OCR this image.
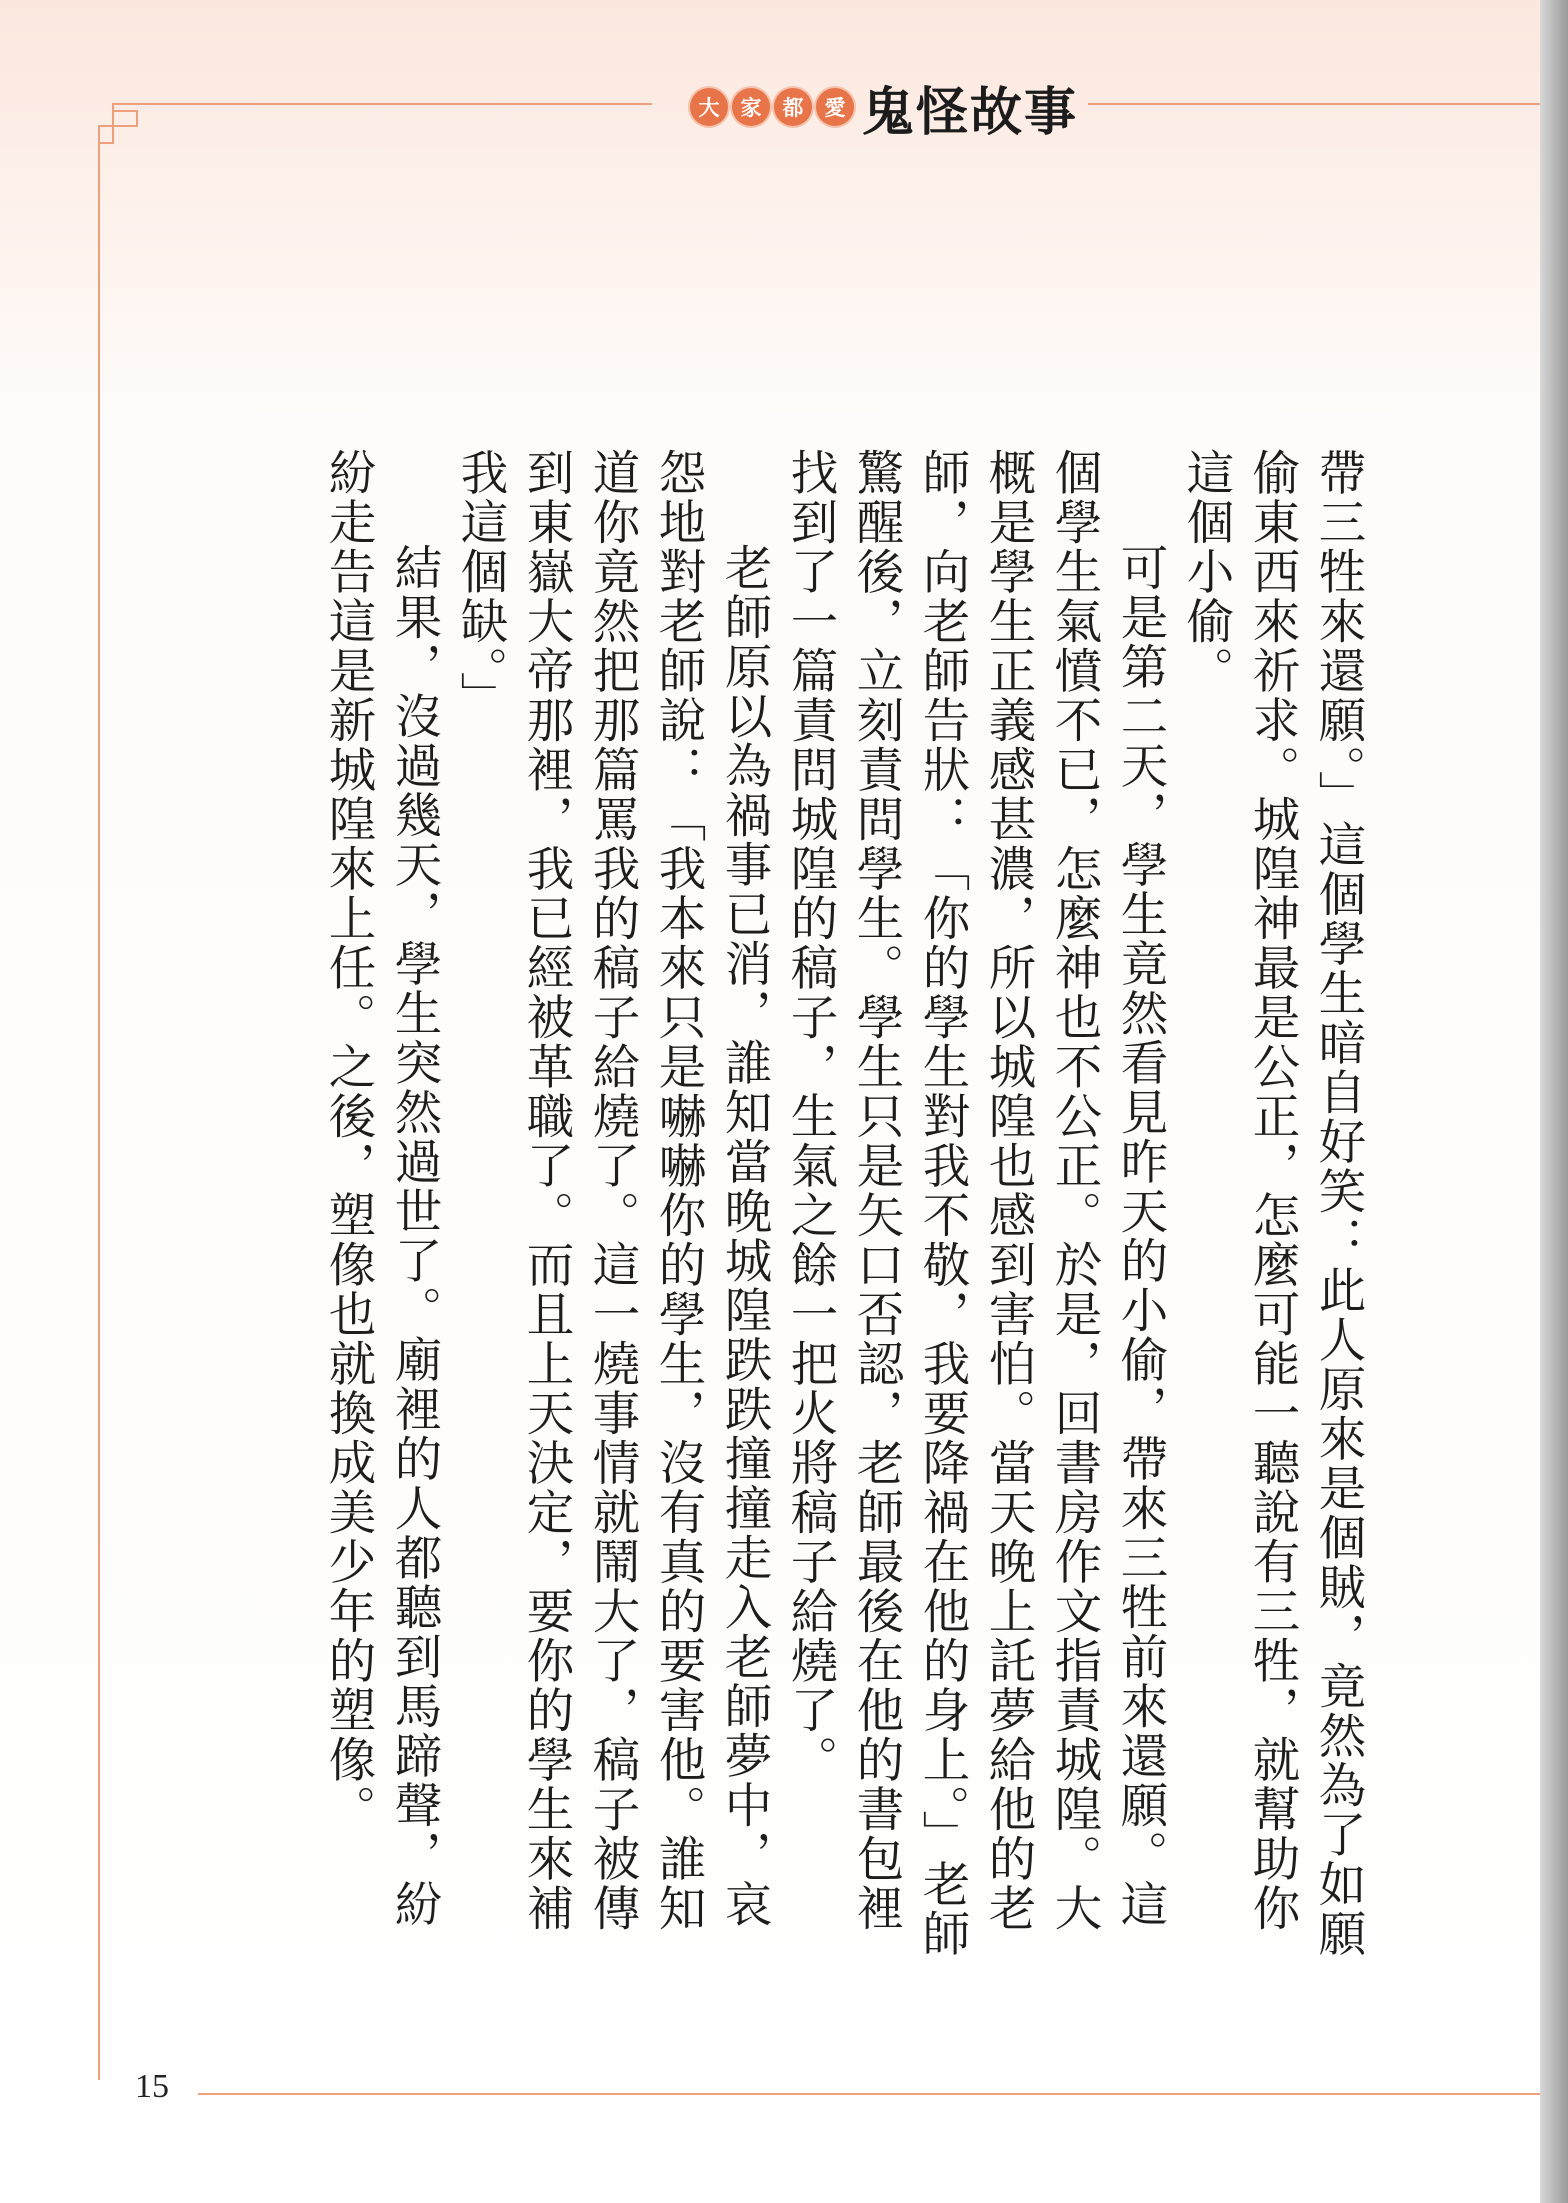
大	家	都	愛 鬼怪故事

帶三牲來還願。」這個學生暗自好笑：此人原來是個賊，竟然為了如願偷東西來祈求。城隍神最是公正，怎麼可能一聽說有三牲，就幫助你這個小偷。

可是第二天，學生竟然看見昨天的小偷，帶來三牲前來還願。這個學生氣憤不已，怎麼神也不公正。於是，回書房作文指責城隍。大概是學生正義感甚濃，所以城隍也感到害怕。當天晚上託夢給他的老師，向老師告狀：「你的學生對我不敬，我要降禍在他的身上。」老師驚醒後，立刻責問學生。學生只是矢口否認，老師最後在他的書包裡找到了一篇責問城隍的稿子，生氣之餘一把火將稿子給燒了。

老師原以為禍事已消，誰知當晚城隍跌跌撞撞走入老師夢中，哀怨地對老師說：「我本來只是嚇嚇你的學生，沒有真的要害他。誰知道你竟然把那篇罵我的稿子給燒了。這一燒事情就鬧大了，稿子被傳到東嶽大帝那裡，我已經被革職了。而且上天決定，要你的學生來補我這個缺。」

結果，沒過幾天，學生突然過世了。廟裡的人都聽到馬蹄聲，紛紛走告這是新城隍來上任。之後，塑像也就換成美少年的塑像。

15
